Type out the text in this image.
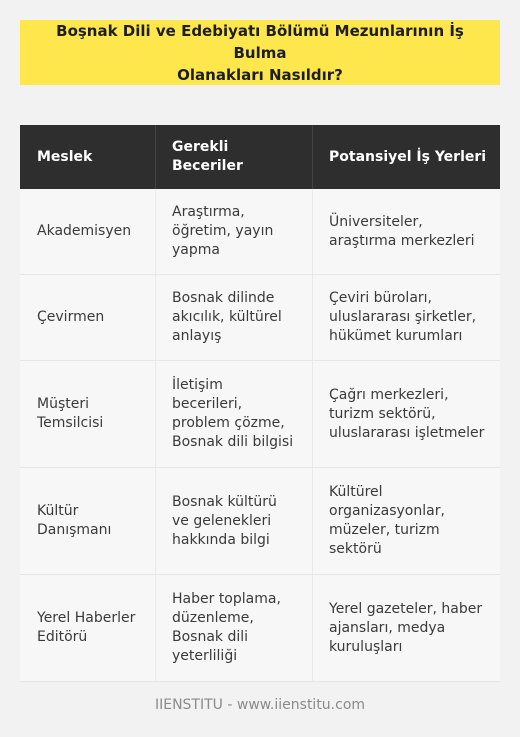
Boşnak Dili ve Edebiyatı Bölümü Mezunlarının İş Bulma
Olanakları Nasıldır?
Meslek
Gerekli
Beceriler
Potansiyel İş Yerleri
Akademisyen
Araştırma,
öğretim, yayın
yapma
Üniversiteler,
araştırma merkezleri
Çevirmen
Bosnak dilinde
akıcılık, kültürel
anlayış
Çeviri büroları,
uluslararası şirketler,
hükümet kurumları
Müşteri
Temsilcisi
İletişim
becerileri,
problem çözme,
Bosnak dili bilgisi
Çağrı merkezleri,
turizm sektörü,
uluslararası işletmeler
Kültür
Danışmanı
Bosnak kültürü
ve gelenekleri
hakkında bilgi
Kültürel
organizasyonlar,
müzeler, turizm
sektörü
Yerel Haberler
Editörü
Haber toplama,
düzenleme,
Bosnak dili
yeterliliği
Yerel gazeteler, haber
ajansları, medya
kuruluşları
IIENSTITU - www.iienstitu.com
